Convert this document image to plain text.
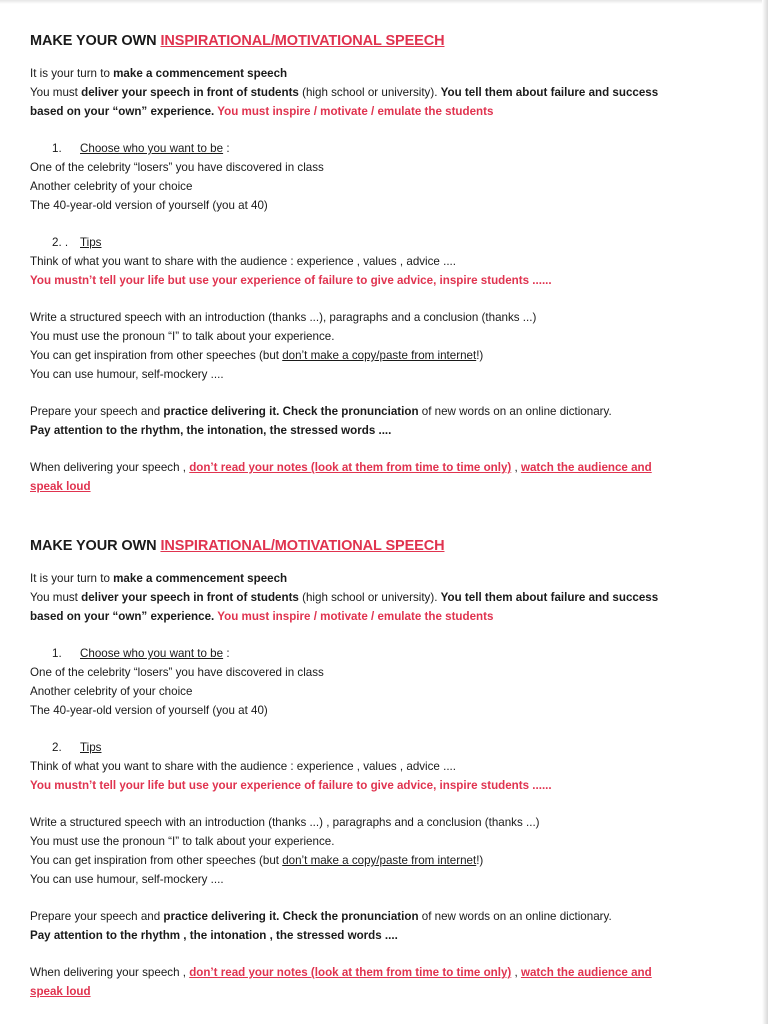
MAKE YOUR OWN INSPIRATIONAL/MOTIVATIONAL SPEECH
It is your turn to make a commencement speech
You must deliver your speech in front of students (high school or university). You tell them about failure and success
based on your “own” experience. You must inspire / motivate / emulate the students
1. Choose who you want to be :
One of the celebrity “losers” you have discovered in class
Another celebrity of your choice
The 40-year-old version of yourself (you at 40)
2. . Tips
Think of what you want to share with the audience : experience , values , advice ....
You mustn’t tell your life but use your experience of failure to give advice, inspire students ......
Write a structured speech with an introduction (thanks ...), paragraphs and a conclusion (thanks ...)
You must use the pronoun “I” to talk about your experience.
You can get inspiration from other speeches (but don’t make a copy/paste from internet!)
You can use humour, self-mockery ....
Prepare your speech and practice delivering it. Check the pronunciation of new words on an online dictionary.
Pay attention to the rhythm, the intonation, the stressed words ....
When delivering your speech , don’t read your notes (look at them from time to time only) , watch the audience and
speak loud
MAKE YOUR OWN INSPIRATIONAL/MOTIVATIONAL SPEECH
It is your turn to make a commencement speech
You must deliver your speech in front of students (high school or university). You tell them about failure and success
based on your “own” experience. You must inspire / motivate / emulate the students
1. Choose who you want to be :
One of the celebrity “losers” you have discovered in class
Another celebrity of your choice
The 40-year-old version of yourself (you at 40)
2. Tips
Think of what you want to share with the audience : experience , values , advice ....
You mustn’t tell your life but use your experience of failure to give advice, inspire students ......
Write a structured speech with an introduction (thanks ...) , paragraphs and a conclusion (thanks ...)
You must use the pronoun “I” to talk about your experience.
You can get inspiration from other speeches (but don’t make a copy/paste from internet!)
You can use humour, self-mockery ....
Prepare your speech and practice delivering it. Check the pronunciation of new words on an online dictionary.
Pay attention to the rhythm , the intonation , the stressed words ....
When delivering your speech , don’t read your notes (look at them from time to time only) , watch the audience and
speak loud
